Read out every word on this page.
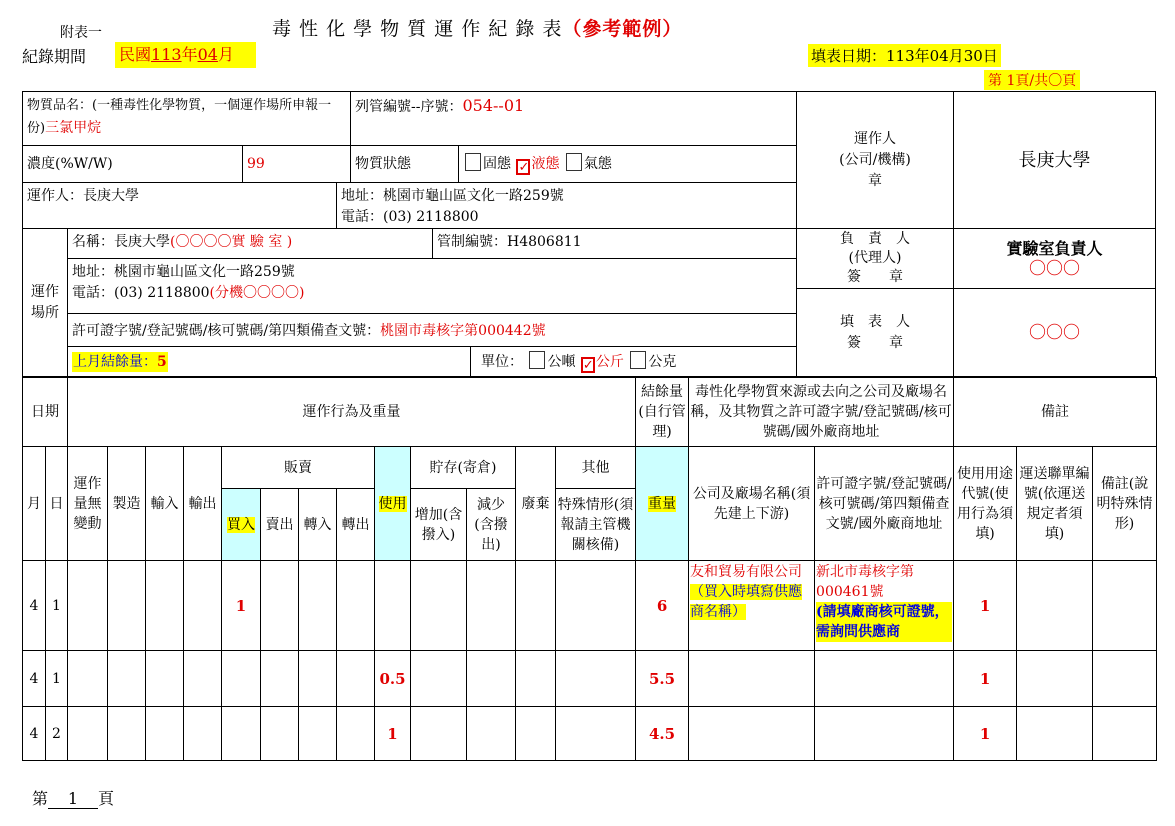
附表一	毒 性 化 學 物 質 運 作 紀 錄 表（參考範例）
紀錄期間 民國113年04月	填表日期：113年04月30日
第 1頁/共〇頁
物質品名：(一種毒性化學物質，一個運作場所申報一份)三氯甲烷
列管編號--序號：054--01
濃度(%W/W)	99	物質狀態	固態 ✓ 液態 氣態
運作人：長庚大學	地址：桃園市龜山區文化一路259號
電話：(03) 2118800
運作場所
名稱：長庚大學(〇〇〇〇實 驗 室 )	管制編號：H4806811
地址：桃園市龜山區文化一路259號
電話：(03) 2118800(分機〇〇〇〇)
許可證字號/登記號碼/核可號碼/第四類備查文號：桃園市毒核字第000442號
上月結餘量：5	單位： 公噸 ✓ 公斤 公克
運作人
(公司/機構)
章
長庚大學
負　責　人
(代理人)
簽　　章
實驗室負責人
〇〇〇
填　表　人
簽　　章
〇〇〇
日期		運作行為及重量													結餘量(自行管理)	毒性化學物質來源或去向之公司及廠場名稱，及其物質之許可證字號/登記號碼/核可號碼/國外廠商地址		備註		
月	日	運作量無變動	製造	輸入	輸出	販賣				使用	貯存(寄倉)		廢棄	其他	重量	公司及廠場名稱(須先建上下游)	許可證字號/登記號碼/核可號碼/第四類備查文號/國外廠商地址	使用用途代號(使用行為須填)	運送聯單編號(依運送規定者須填)	備註(說明特殊情形)
						買入	賣出	轉入	轉出		增加(含撥入)	減少(含撥出)		特殊情形(須報請主管機關核備)						
4	1					1									6	友和貿易有限公司（買入時填寫供應商名稱）	新北市毒核字第000461號
(請填廠商核可證號，需詢問供應商	1		
4	1									0.5					5.5			1		
4	2									1					4.5			1		
第 1 頁
